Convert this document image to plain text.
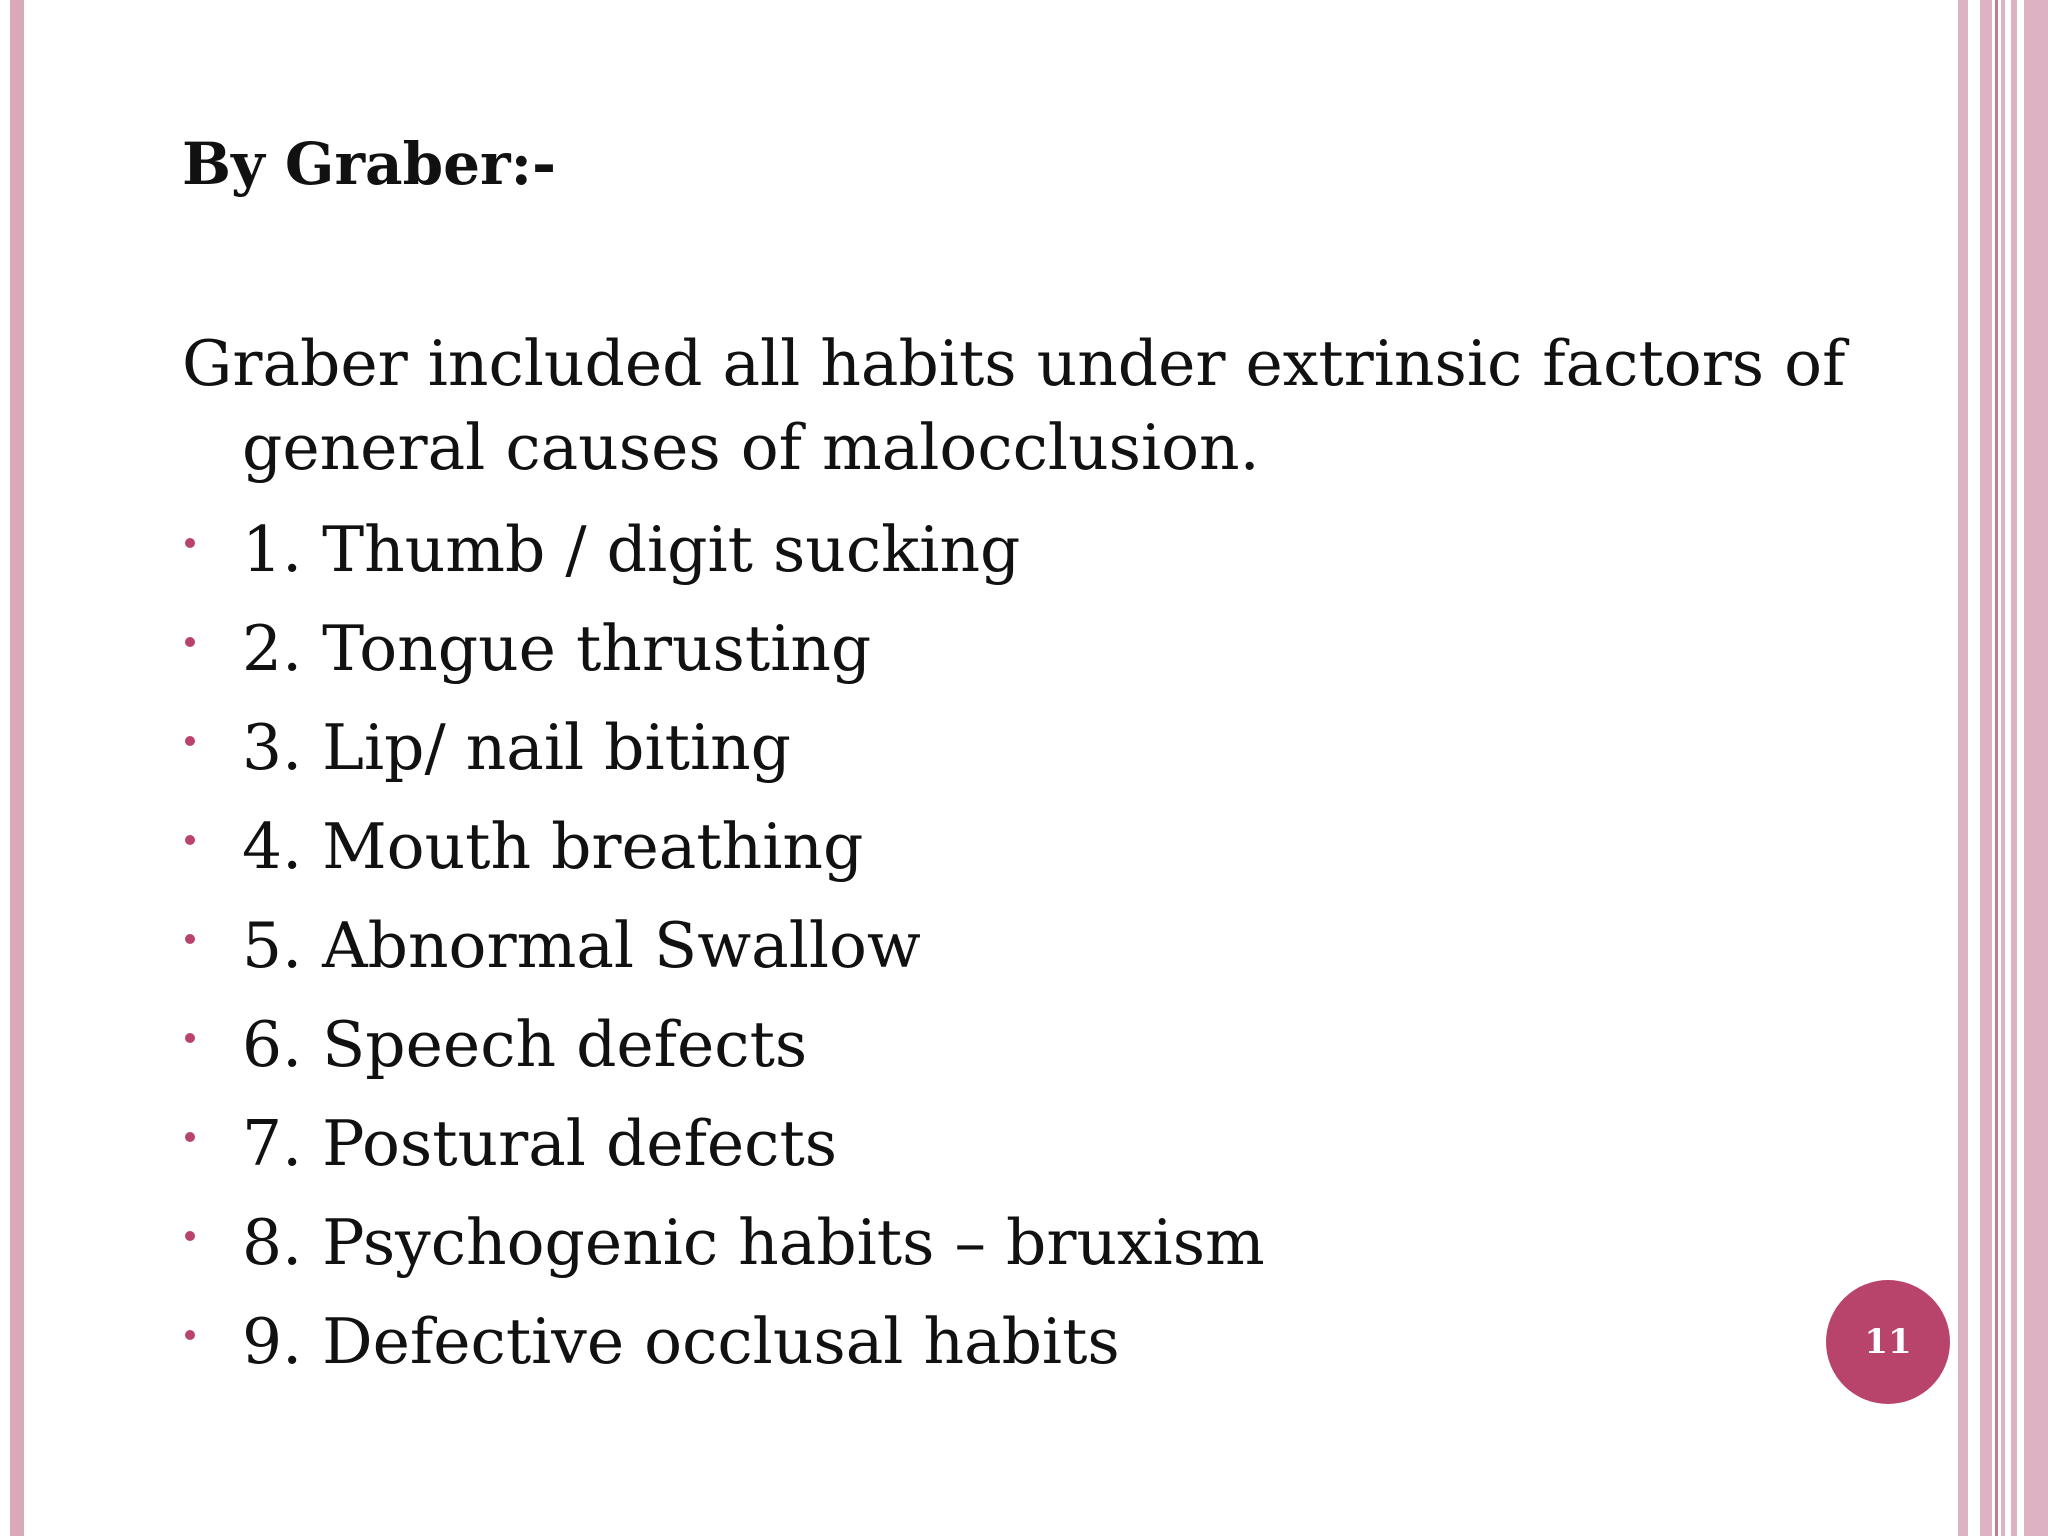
By Graber:-

Graber included all habits under extrinsic factors of general causes of malocclusion.

1. Thumb / digit sucking
2. Tongue thrusting
3. Lip/ nail biting
4. Mouth breathing
5. Abnormal Swallow
6. Speech defects
7. Postural defects
8. Psychogenic habits – bruxism
9. Defective occlusal habits	11
